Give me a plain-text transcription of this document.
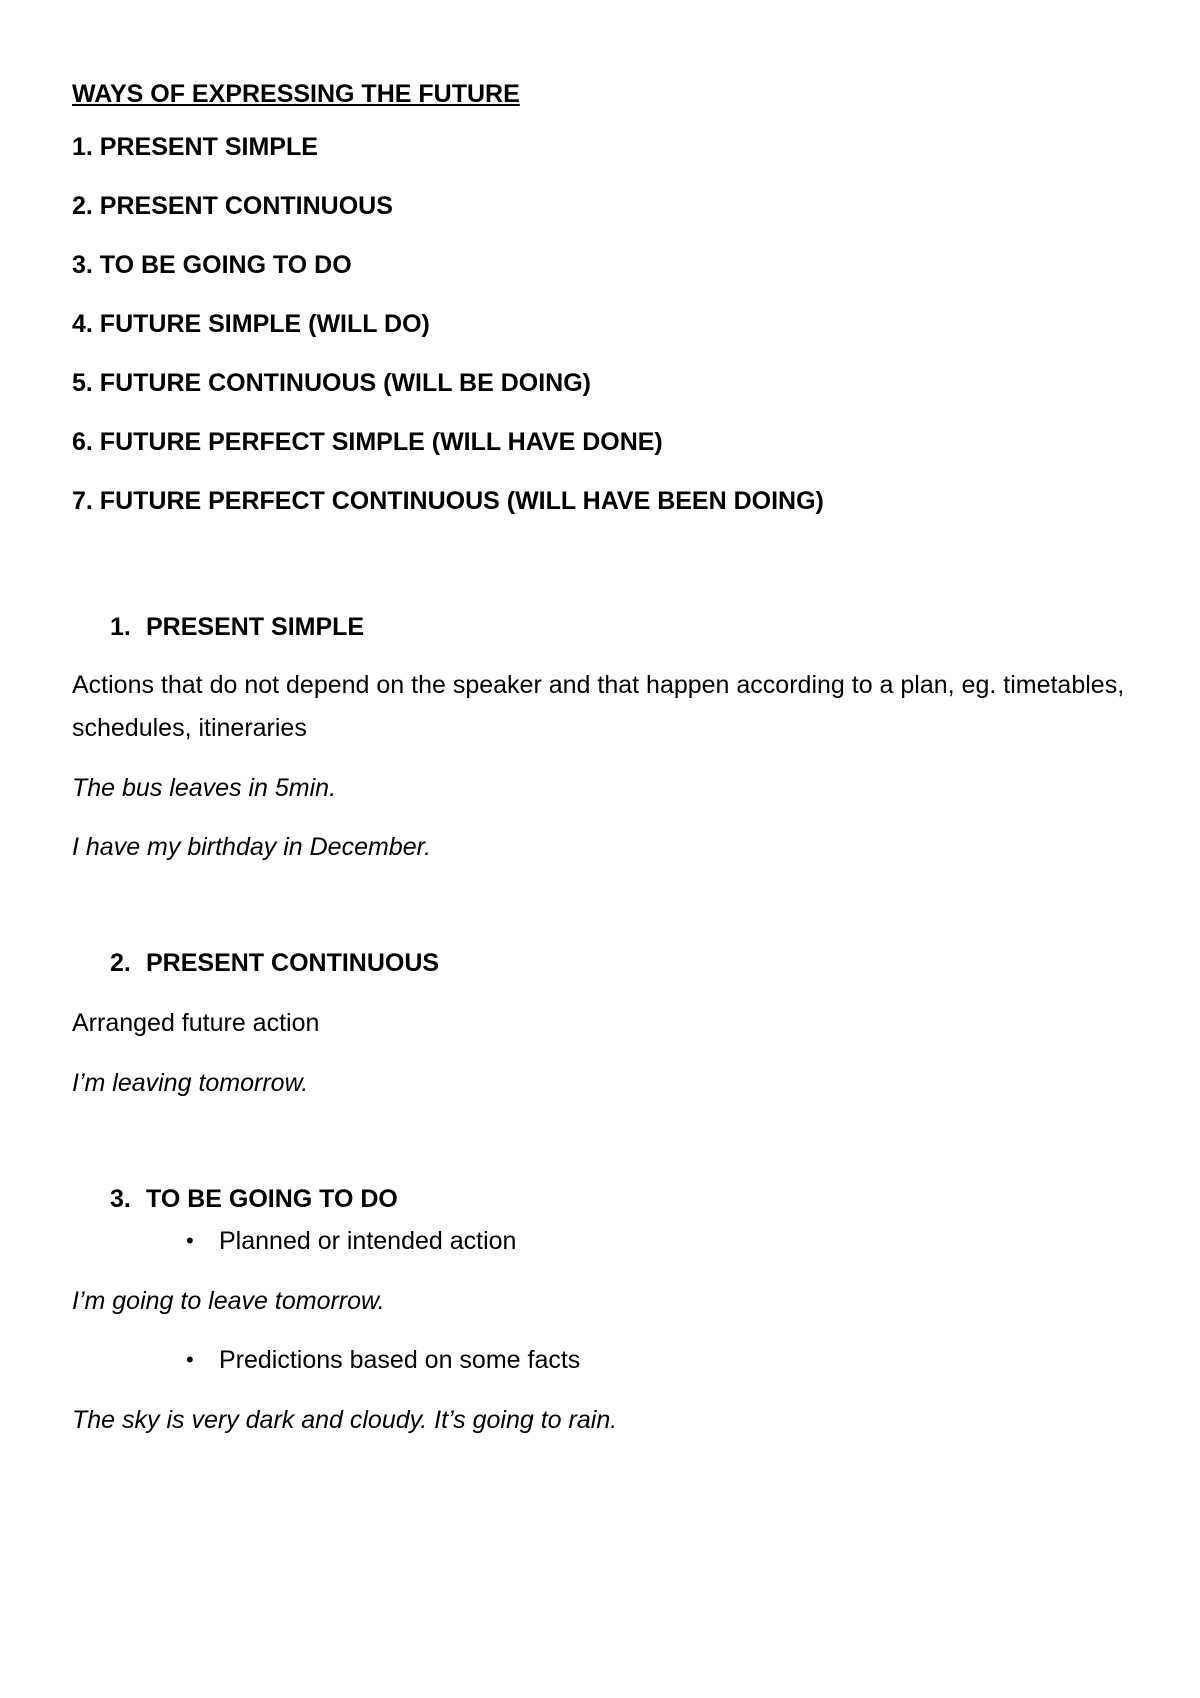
WAYS OF EXPRESSING THE FUTURE
1. PRESENT SIMPLE
2. PRESENT CONTINUOUS
3. TO BE GOING TO DO
4. FUTURE SIMPLE (WILL DO)
5. FUTURE CONTINUOUS (WILL BE DOING)
6. FUTURE PERFECT SIMPLE (WILL HAVE DONE)
7. FUTURE PERFECT CONTINUOUS (WILL HAVE BEEN DOING)
1. PRESENT SIMPLE
Actions that do not depend on the speaker and that happen according to a plan, eg. timetables, schedules, itineraries
The bus leaves in 5min.
I have my birthday in December.
2. PRESENT CONTINUOUS
Arranged future action
I’m leaving tomorrow.
3. TO BE GOING TO DO
• Planned or intended action
I’m going to leave tomorrow.
• Predictions based on some facts
The sky is very dark and cloudy. It’s going to rain.
